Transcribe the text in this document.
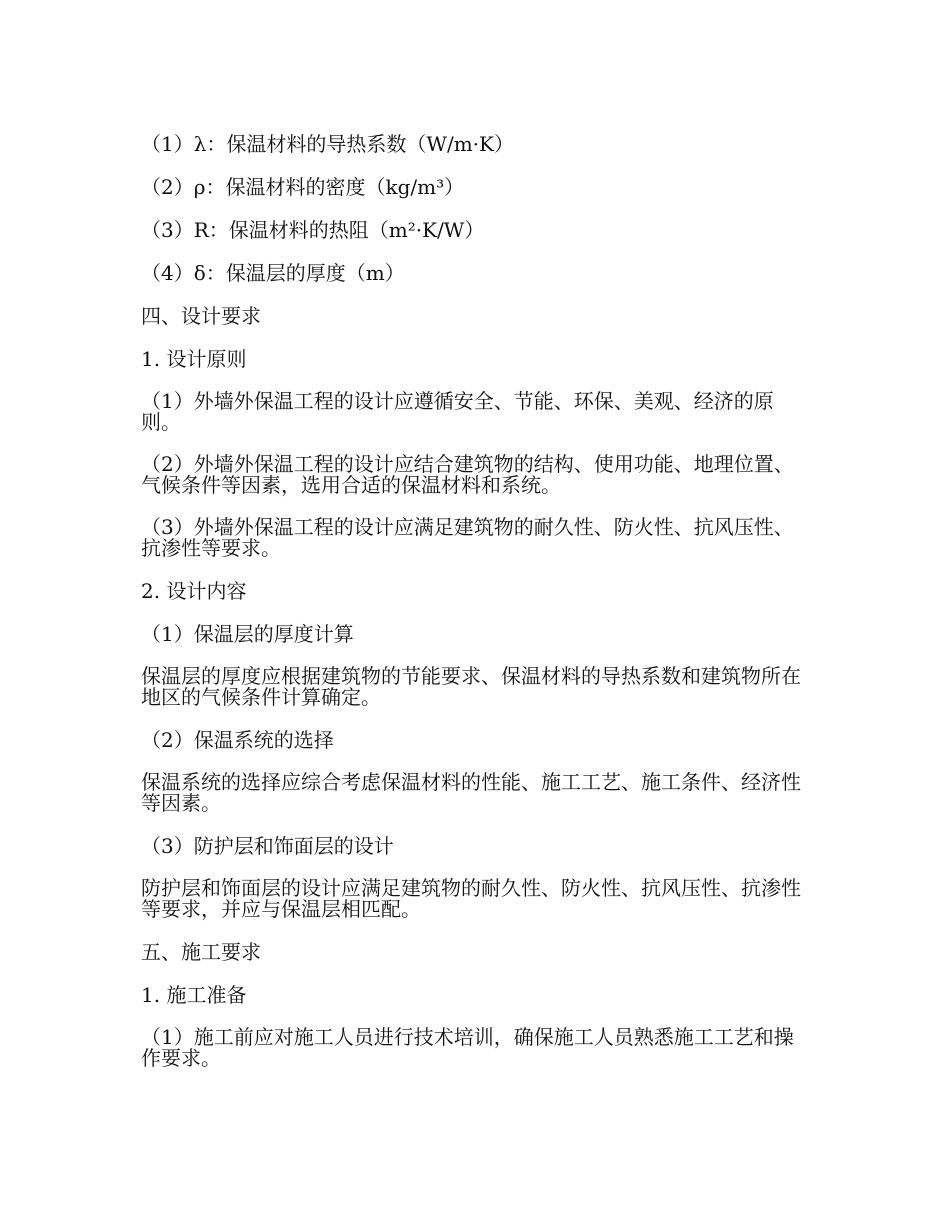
（1）λ：保温材料的导热系数（W/m·K）

（2）ρ：保温材料的密度（kg/m³）

（3）R：保温材料的热阻（m²·K/W）

（4）δ：保温层的厚度（m）

四、设计要求

1. 设计原则

（1）外墙外保温工程的设计应遵循安全、节能、环保、美观、经济的原则。

（2）外墙外保温工程的设计应结合建筑物的结构、使用功能、地理位置、气候条件等因素，选用合适的保温材料和系统。

（3）外墙外保温工程的设计应满足建筑物的耐久性、防火性、抗风压性、抗渗性等要求。

2. 设计内容

（1）保温层的厚度计算

保温层的厚度应根据建筑物的节能要求、保温材料的导热系数和建筑物所在地区的气候条件计算确定。

（2）保温系统的选择

保温系统的选择应综合考虑保温材料的性能、施工工艺、施工条件、经济性等因素。

（3）防护层和饰面层的设计

防护层和饰面层的设计应满足建筑物的耐久性、防火性、抗风压性、抗渗性等要求，并应与保温层相匹配。

五、施工要求

1. 施工准备

（1）施工前应对施工人员进行技术培训，确保施工人员熟悉施工工艺和操作要求。
